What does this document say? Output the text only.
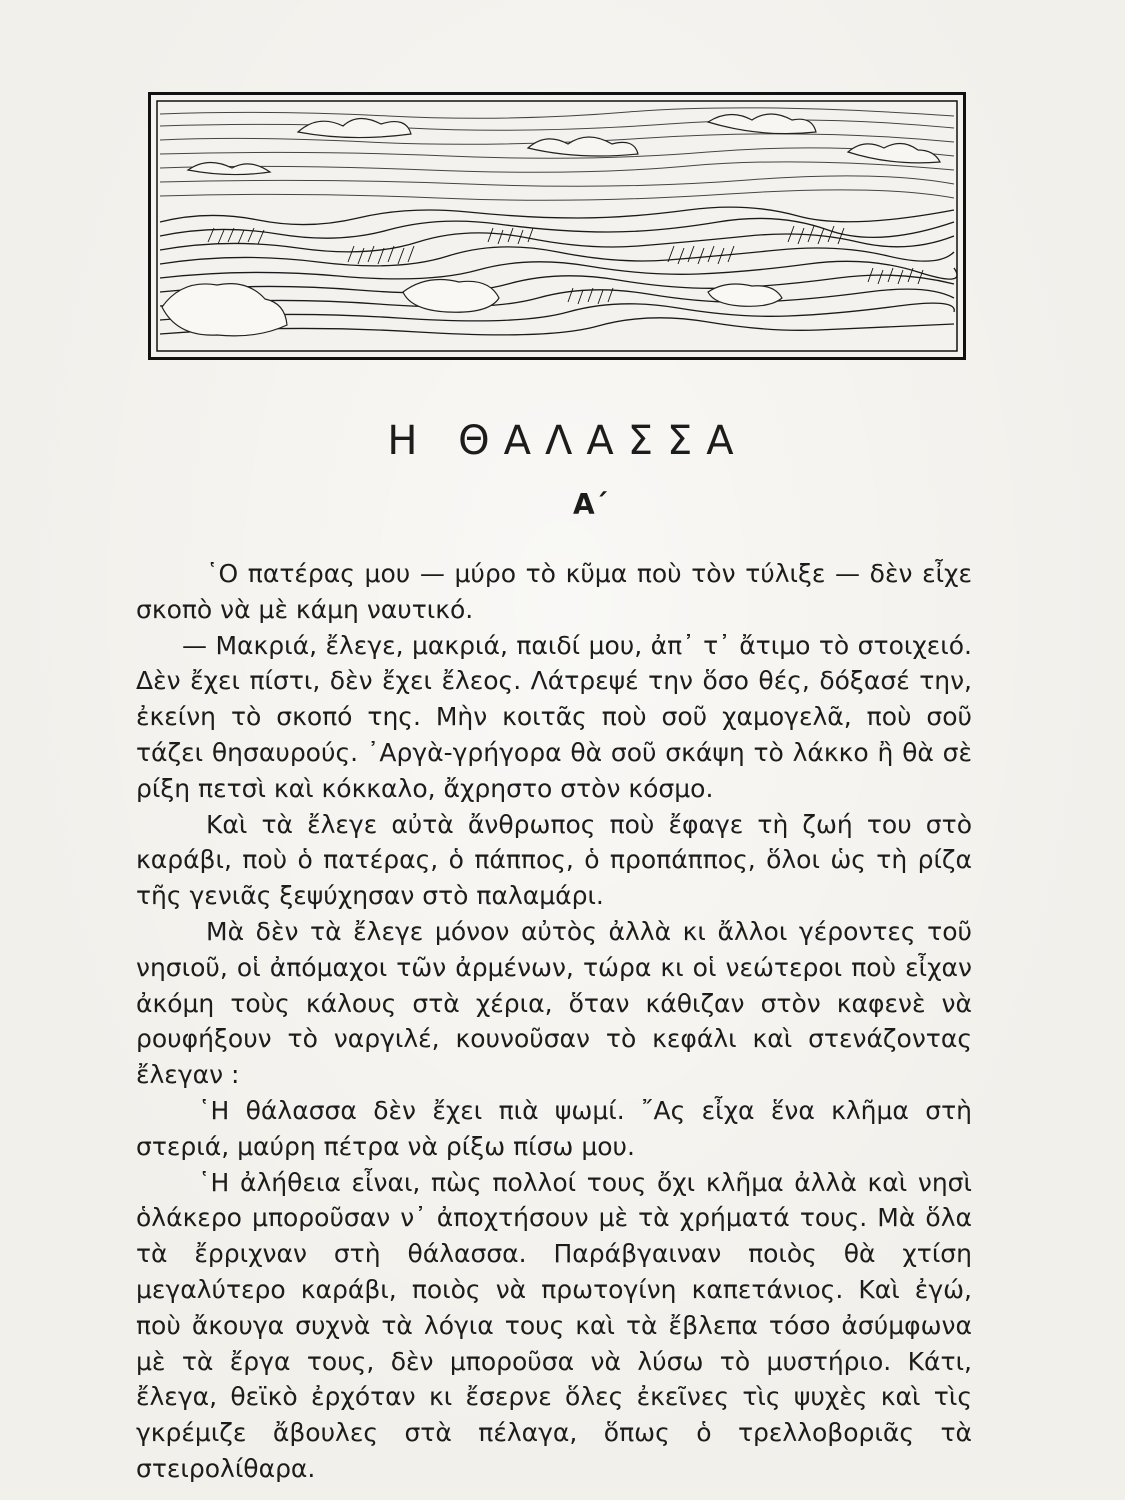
Η ΘΑΛΑΣΣΑ
Α΄

῾Ο πατέρας μου — μύρο τὸ κῦμα ποὺ τὸν τύλιξε — δὲν εἶχε σκοπὸ νὰ μὲ κάμη ναυτικό.

— Μακριά, ἔλεγε, μακριά, παιδί μου, ἀπ᾽ τ᾽ ἄτιμο τὸ στοιχειό. Δὲν ἔχει πίστι, δὲν ἔχει ἔλεος. Λάτρεψέ την ὅσο θές, δόξασέ την, ἐκείνη τὸ σκοπό της. Μὴν κοιτᾶς ποὺ σοῦ χαμογελᾶ, ποὺ σοῦ τάζει θησαυρούς. ᾿Αργὰ-γρήγορα θὰ σοῦ σκάψη τὸ λάκκο ἢ θὰ σὲ ρίξη πετσὶ καὶ κόκκαλο, ἄχρηστο στὸν κόσμο.

Καὶ τὰ ἔλεγε αὐτὰ ἄνθρωπος ποὺ ἔφαγε τὴ ζωή του στὸ καράβι, ποὺ ὁ πατέρας, ὁ πάππος, ὁ προπάππος, ὅλοι ὡς τὴ ρίζα τῆς γενιᾶς ξεψύχησαν στὸ παλαμάρι.

Μὰ δὲν τὰ ἔλεγε μόνον αὐτὸς ἀλλὰ κι ἄλλοι γέροντες τοῦ νησιοῦ, οἱ ἀπόμαχοι τῶν ἀρμένων, τώρα κι οἱ νεώτεροι ποὺ εἶχαν ἀκόμη τοὺς κάλους στὰ χέρια, ὅταν κάθιζαν στὸν καφενὲ νὰ ρουφήξουν τὸ ναργιλέ, κουνοῦσαν τὸ κεφάλι καὶ στενάζοντας ἔλεγαν :

῾Η θάλασσα δὲν ἔχει πιὰ ψωμί. ῎Ας εἶχα ἕνα κλῆμα στὴ στεριά, μαύρη πέτρα νὰ ρίξω πίσω μου.

῾Η ἀλήθεια εἶναι, πὼς πολλοί τους ὄχι κλῆμα ἀλλὰ καὶ νησὶ ὁλάκερο μποροῦσαν ν᾽ ἀποχτήσουν μὲ τὰ χρήματά τους. Μὰ ὅλα τὰ ἔρριχναν στὴ θάλασσα. Παράβγαιναν ποιὸς θὰ χτίση μεγαλύτερο καράβι, ποιὸς νὰ πρωτογίνη καπετάνιος. Καὶ ἐγώ, ποὺ ἄκουγα συχνὰ τὰ λόγια τους καὶ τὰ ἔβλεπα τόσο ἀσύμφωνα μὲ τὰ ἔργα τους, δὲν μποροῦσα νὰ λύσω τὸ μυστήριο. Κάτι, ἔλεγα, θεϊκὸ ἐρχόταν κι ἔσερνε ὅλες ἐκεῖνες τὶς ψυχὲς καὶ τὶς γκρέμιζε ἄβουλες στὰ πέλαγα, ὅπως ὁ τρελλοβοριᾶς τὰ στειρολίθαρα.
